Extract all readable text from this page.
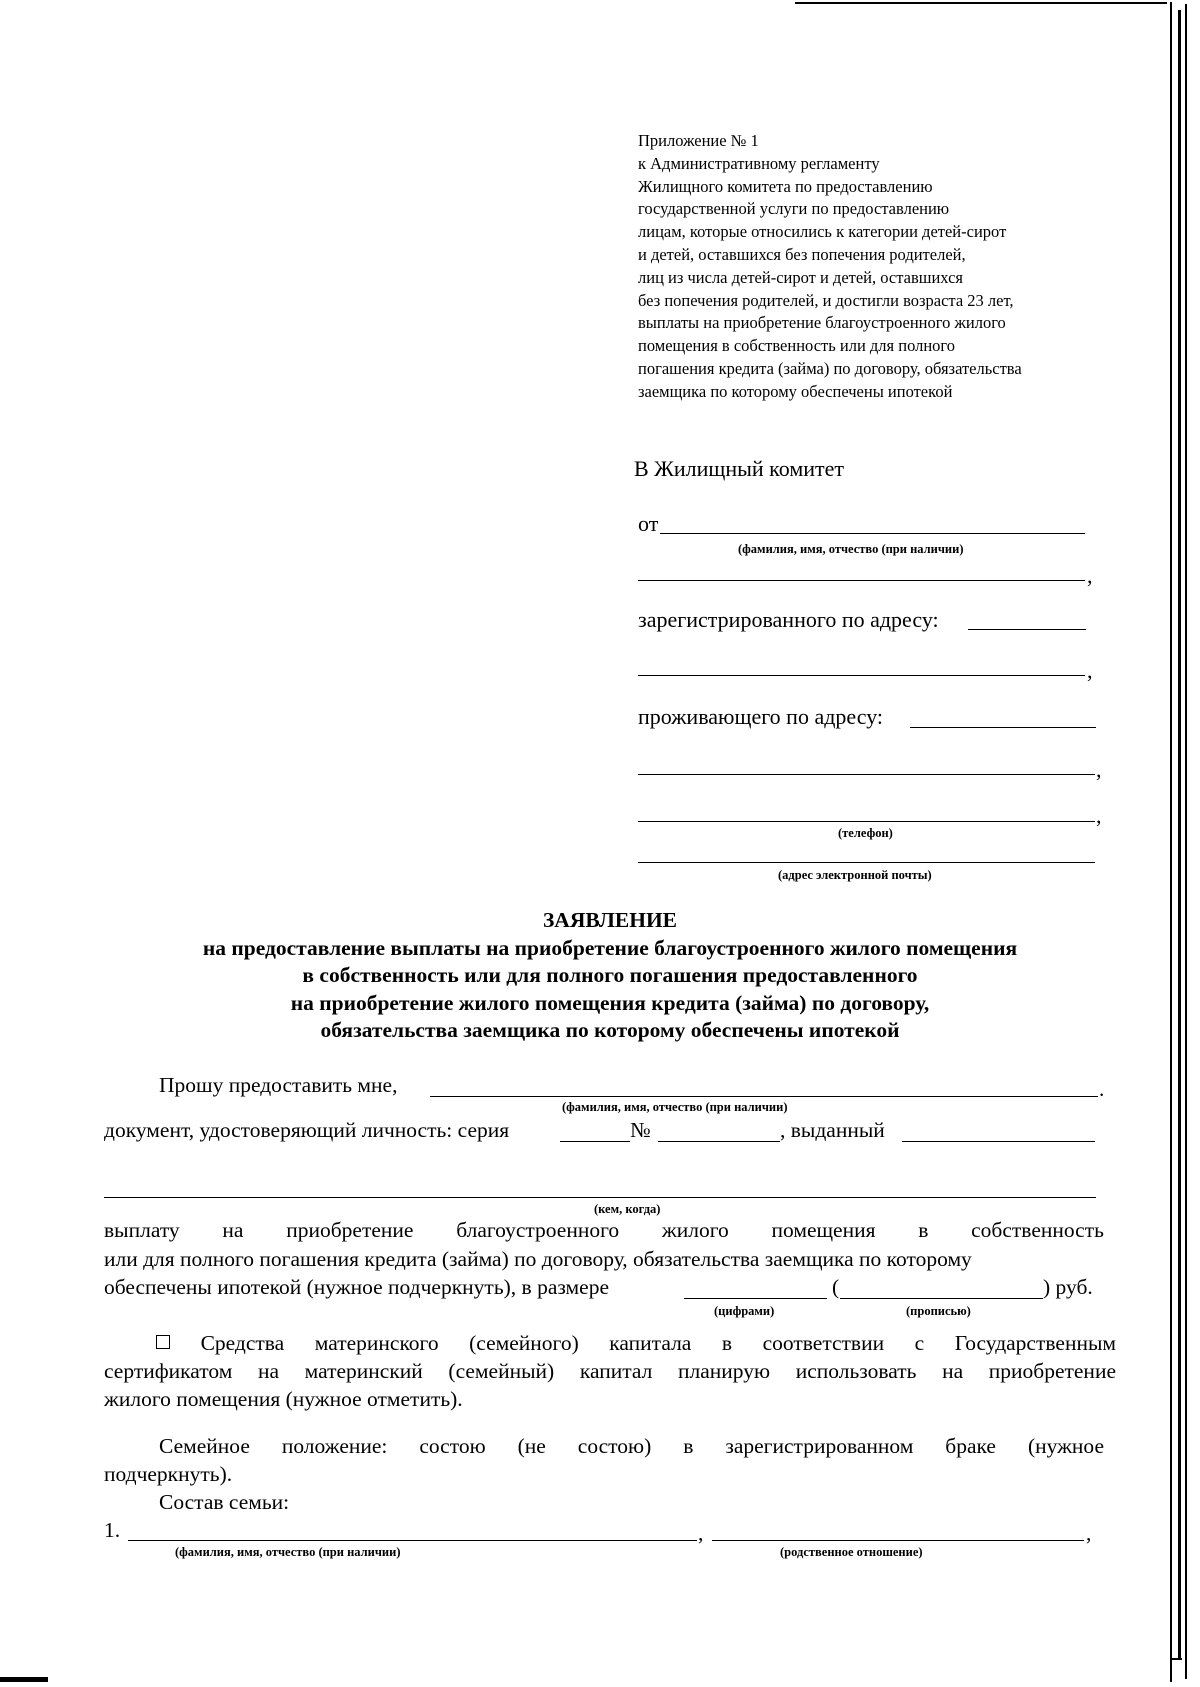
Приложение № 1
к Административному регламенту
Жилищного комитета по предоставлению
государственной услуги по предоставлению
лицам, которые относились к категории детей-сирот
и детей, оставшихся без попечения родителей,
лиц из числа детей-сирот и детей, оставшихся
без попечения родителей, и достигли возраста 23 лет,
выплаты на приобретение благоустроенного жилого
помещения в собственность или для полного
погашения кредита (займа) по договору, обязательства
заемщика по которому обеспечены ипотекой
В Жилищный комитет
от
(фамилия, имя, отчество (при наличии)
,
зарегистрированного по адресу:
,
проживающего по адресу:
,
,
(телефон)
(адрес электронной почты)
ЗАЯВЛЕНИЕ
на предоставление выплаты на приобретение благоустроенного жилого помещения
в собственность или для полного погашения предоставленного
на приобретение жилого помещения кредита (займа) по договору,
обязательства заемщика по которому обеспечены ипотекой
Прошу предоставить мне,	.
(фамилия, имя, отчество (при наличии)
документ, удостоверяющий личность: серия	№	, выданный
(кем, когда)
выплату на приобретение благоустроенного жилого помещения в собственность
или для полного погашения кредита (займа) по договору, обязательства заемщика по которому
обеспечены ипотекой (нужное подчеркнуть), в размере	(	) руб.
(цифрами)	(прописью)
Средства материнского (семейного) капитала в соответствии с Государственным
сертификатом на материнский (семейный) капитал планирую использовать на приобретение
жилого помещения (нужное отметить).
Семейное положение: состою (не состою) в зарегистрированном браке (нужное
подчеркнуть).
Состав семьи:
1.	,	,
(фамилия, имя, отчество (при наличии)	(родственное отношение)
